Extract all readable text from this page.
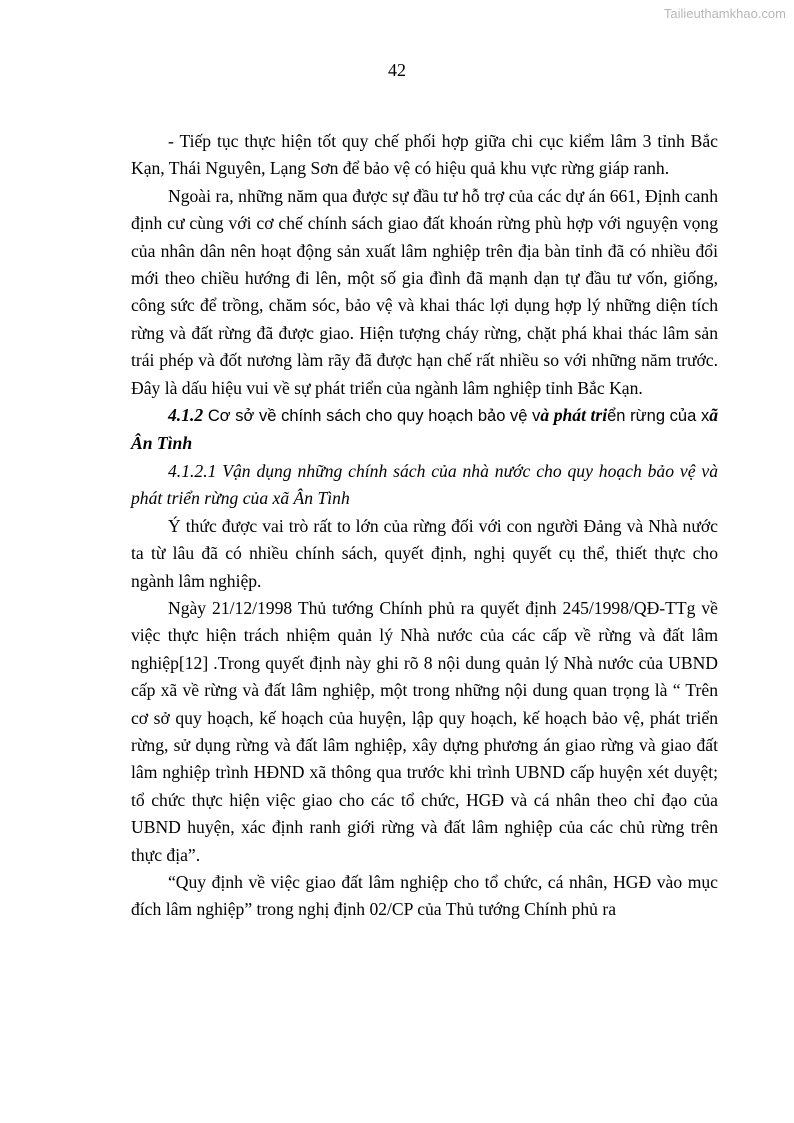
Tailieuthamkhao.com
42

- Tiếp tục thực hiện tốt quy chế phối hợp giữa chi cục kiểm lâm 3 tỉnh Bắc Kạn, Thái Nguyên, Lạng Sơn để bảo vệ có hiệu quả khu vực rừng giáp ranh.

Ngoài ra, những năm qua được sự đầu tư hỗ trợ của các dự án 661, Định canh định cư cùng với cơ chế chính sách giao đất khoán rừng phù hợp với nguyện vọng của nhân dân nên hoạt động sản xuất lâm nghiệp trên địa bàn tỉnh đã có nhiều đổi mới theo chiều hướng đi lên, một số gia đình đã mạnh dạn tự đầu tư vốn, giống, công sức để trồng, chăm sóc, bảo vệ và khai thác lợi dụng hợp lý những diện tích rừng và đất rừng đã được giao. Hiện tượng cháy rừng, chặt phá khai thác lâm sản trái phép và đốt nương làm rãy đã được hạn chế rất nhiều so với những năm trước. Đây là dấu hiệu vui về sự phát triển của ngành lâm nghiệp tỉnh Bắc Kạn.

4.1.2 Cơ sở về chính sách cho quy hoạch bảo vệ và phát triển rừng của xã Ân Tình

4.1.2.1 Vận dụng những chính sách của nhà nước cho quy hoạch bảo vệ và phát triển rừng của xã Ân Tình

Ý thức được vai trò rất to lớn của rừng đối với con người Đảng và Nhà nước ta từ lâu đã có nhiều chính sách, quyết định, nghị quyết cụ thể, thiết thực cho ngành lâm nghiệp.

Ngày 21/12/1998 Thủ tướng Chính phủ ra quyết định 245/1998/QĐ-TTg về việc thực hiện trách nhiệm quản lý Nhà nước của các cấp về rừng và đất lâm nghiệp[12] .Trong quyết định này ghi rõ 8 nội dung quản lý Nhà nước của UBND cấp xã về rừng và đất lâm nghiệp, một trong những nội dung quan trọng là “ Trên cơ sở quy hoạch, kế hoạch của huyện, lập quy hoạch, kế hoạch bảo vệ, phát triển rừng, sử dụng rừng và đất lâm nghiệp, xây dựng phương án giao rừng và giao đất lâm nghiệp trình HĐND xã thông qua trước khi trình UBND cấp huyện xét duyệt; tổ chức thực hiện việc giao cho các tổ chức, HGĐ và cá nhân theo chỉ đạo của UBND huyện, xác định ranh giới rừng và đất lâm nghiệp của các chủ rừng trên thực địa”.

“Quy định về việc giao đất lâm nghiệp cho tổ chức, cá nhân, HGĐ vào mục đích lâm nghiệp” trong nghị định 02/CP của Thủ tướng Chính phủ ra
